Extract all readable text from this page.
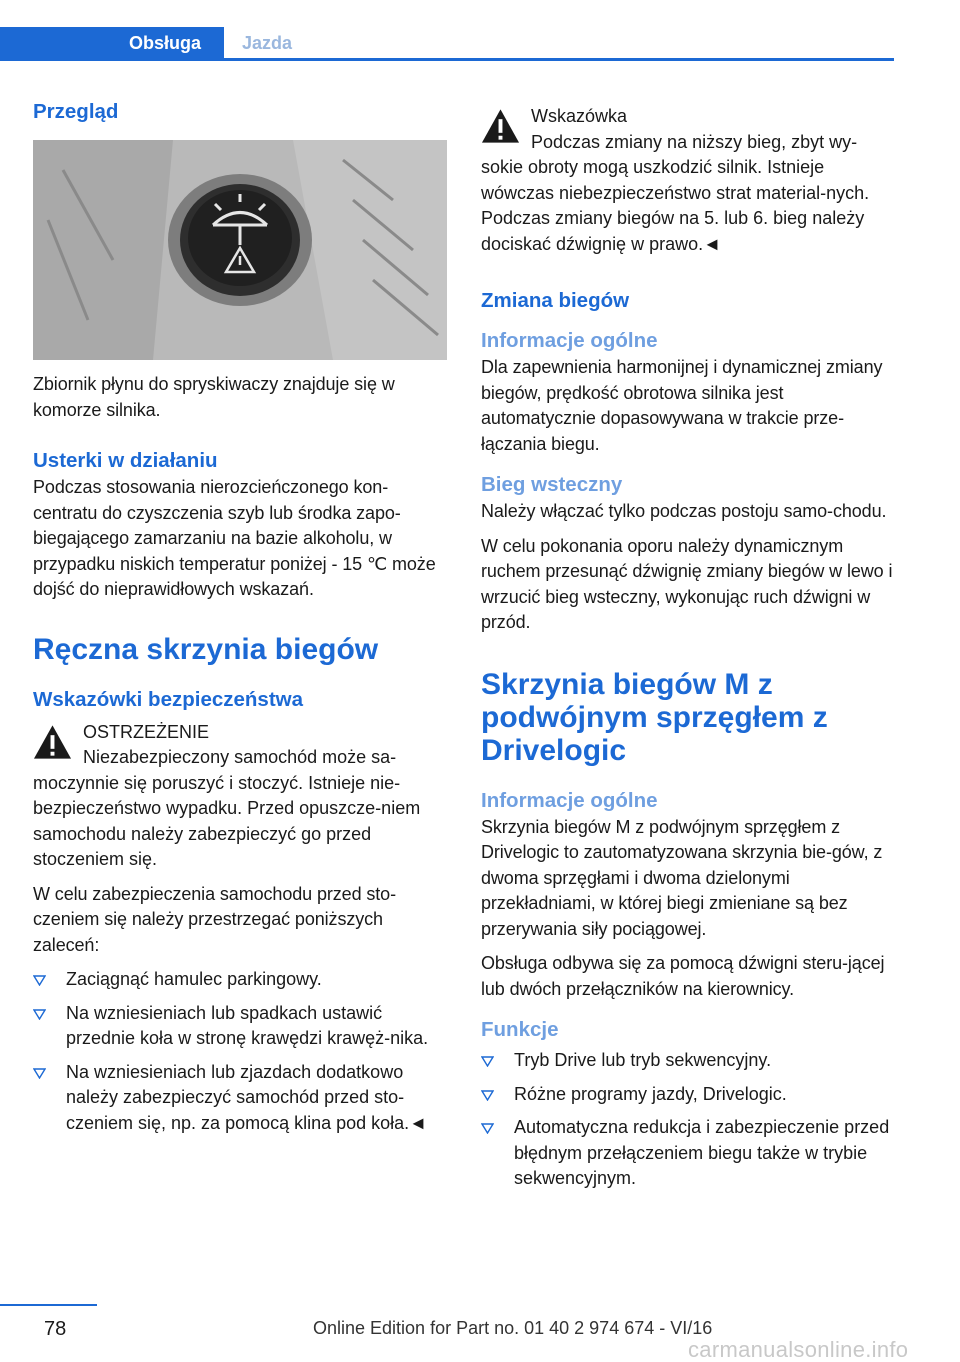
Obsługa	Jazda
Przegląd

Zbiornik płynu do spryskiwaczy znajduje się w komorze silnika.

Usterki w działaniu

Podczas stosowania nierozcieńczonego kon‐centratu do czyszczenia szyb lub środka zapo‐biegającego zamarzaniu na bazie alkoholu, w przypadku niskich temperatur poniżej - 15 ℃ może dojść do nieprawidłowych wskazań.

Ręczna skrzynia biegów
Wskazówki bezpieczeństwa
OSTRZEŻENIE
Niezabezpieczony samochód może sa‐
moczynnie się poruszyć i stoczyć. Istnieje nie‐bezpieczeństwo wypadku. Przed opuszcze‐niem samochodu należy zabezpieczyć go przed stoczeniem się.

W celu zabezpieczenia samochodu przed sto‐czeniem się należy przestrzegać poniższych zaleceń:

Zaciągnąć hamulec parkingowy.
Na wzniesieniach lub spadkach ustawić przednie koła w stronę krawędzi krawęż‐nika.
Na wzniesieniach lub zjazdach dodatkowo należy zabezpieczyć samochód przed sto‐czeniem się, np. za pomocą klina pod koła.◄
Wskazówka
Podczas zmiany na niższy bieg, zbyt wy‐
sokie obroty mogą uszkodzić silnik. Istnieje wówczas niebezpieczeństwo strat material‐nych. Podczas zmiany biegów na 5. lub 6. bieg należy dociskać dźwignię w prawo.◄
Zmiana biegów
Informacje ogólne

Dla zapewnienia harmonijnej i dynamicznej zmiany biegów, prędkość obrotowa silnika jest automatycznie dopasowywana w trakcie prze‐łączania biegu.

Bieg wsteczny

Należy włączać tylko podczas postoju samo‐chodu.

W celu pokonania oporu należy dynamicznym ruchem przesunąć dźwignię zmiany biegów w lewo i wrzucić bieg wsteczny, wykonując ruch dźwigni w przód.

Skrzynia biegów M z podwójnym sprzęgłem z Drivelogic
Informacje ogólne

Skrzynia biegów M z podwójnym sprzęgłem z Drivelogic to zautomatyzowana skrzynia bie‐gów, z dwoma sprzęgłami i dwoma dzielonymi przekładniami, w której biegi zmieniane są bez przerywania siły pociągowej.

Obsługa odbywa się za pomocą dźwigni steru‐jącej lub dwóch przełączników na kierownicy.

Funkcje
Tryb Drive lub tryb sekwencyjny.
Różne programy jazdy, Drivelogic.
Automatyczna redukcja i zabezpieczenie przed błędnym przełączeniem biegu także w trybie sekwencyjnym.
78	Online Edition for Part no. 01 40 2 974 674 - VI/16
carmanualsonline.info
